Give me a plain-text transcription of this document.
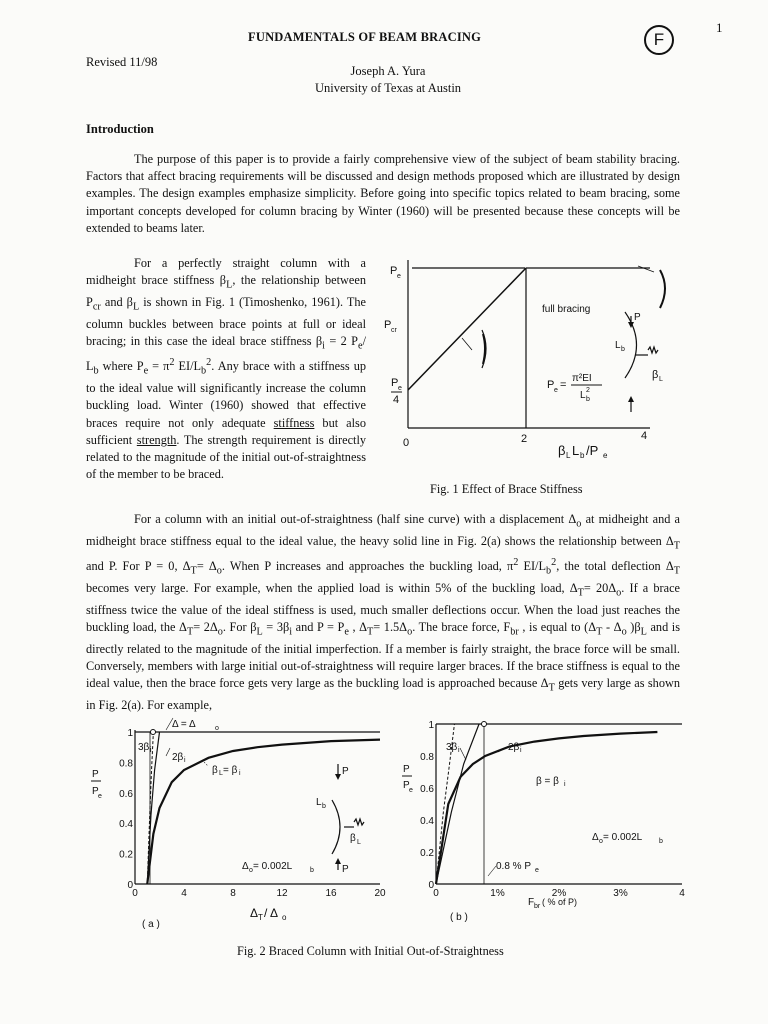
FUNDAMENTALS OF BEAM BRACING	F
1
Revised 11/98
Joseph A. Yura
University of Texas at Austin
Introduction
The purpose of this paper is to provide a fairly comprehensive view of the subject of beam stability bracing. Factors that affect bracing requirements will be discussed and design methods proposed which are illustrated by design examples. The design examples emphasize simplicity. Before going into specific topics related to beam bracing, some important concepts developed for column bracing by Winter (1960) will be presented because these concepts will be extended to beams later.
For a perfectly straight column with a midheight brace stiffness $\beta_L$, the relationship between $P_{cr}$ and $\beta_L$ is shown in Fig. 1 (Timoshenko, 1961). The column buckles between brace points at full or ideal bracing; in this case the ideal brace stiffness $\beta_i = 2$ $P_e/$ $L_b$ where $P_e = \pi^2$ $EI/L_b^2$. Any brace with a stiffness up to the ideal value will significantly increase the column buckling load. Winter (1960) showed that effective braces require not only adequate stiffness but also sufficient strength. The strength requirement is directly related to the magnitude of the initial out-of-straightness of the member to be braced.
P e
P cr
P e
4
0	2	4
full bracing
P
L b
β L
P e =
π²EI
L b
2
β L L b /P e
Fig. 1 Effect of Brace Stiffness
For a column with an initial out-of-straightness (half sine curve) with a displacement $\Delta_o$ at midheight and a midheight brace stiffness equal to the ideal value, the heavy solid line in Fig. 2(a) shows the relationship between $\Delta_T$ and P. For P = 0, $\Delta_T= \Delta_o$. When P increases and approaches the buckling load, $\pi^2$ $EI/L_b^2$, the total deflection $\Delta_T$ becomes very large. For example, when the applied load is within 5% of the buckling load, $\Delta_T= 20\Delta_o$. If a brace stiffness twice the value of the ideal stiffness is used, much smaller deflections occur. When the load just reaches the buckling load, the $\Delta_T= 2\Delta_o$. For $\beta_L = 3\beta_i$ and $P = P_e$ , $\Delta_T= 1.5\Delta_o$. The brace force, $F_{br}$ , is equal to ($\Delta_T - \Delta_o$ )$\beta_L$ and is directly related to the magnitude of the initial imperfection. If a member is fairly straight, the brace force will be small. Conversely, members with large initial out-of-straightness will require larger braces. If the brace stiffness is equal to the ideal value, then the brace force gets very large as the buckling load is approached because $\Delta_T$ gets very large as shown in Fig. 2(a). For example,
0
0.2
0.4
0.6
0.8
1
0	4	8	12	16	20
Δ = Δ	o
3β i
2β i
β L = β i	P
P
L b
β L
Δ o = 0.002L	b
P
P e
Δ T / Δ o
( a )
0
0.2
0.4
0.6
0.8
1
0	1%	2%	3%	4
3β i	2β i
β = β i
Δ o = 0.002L b
0.8 % P e
P
P e
F br ( % of P)
( b )
Fig. 2 Braced Column with Initial Out-of-Straightness
